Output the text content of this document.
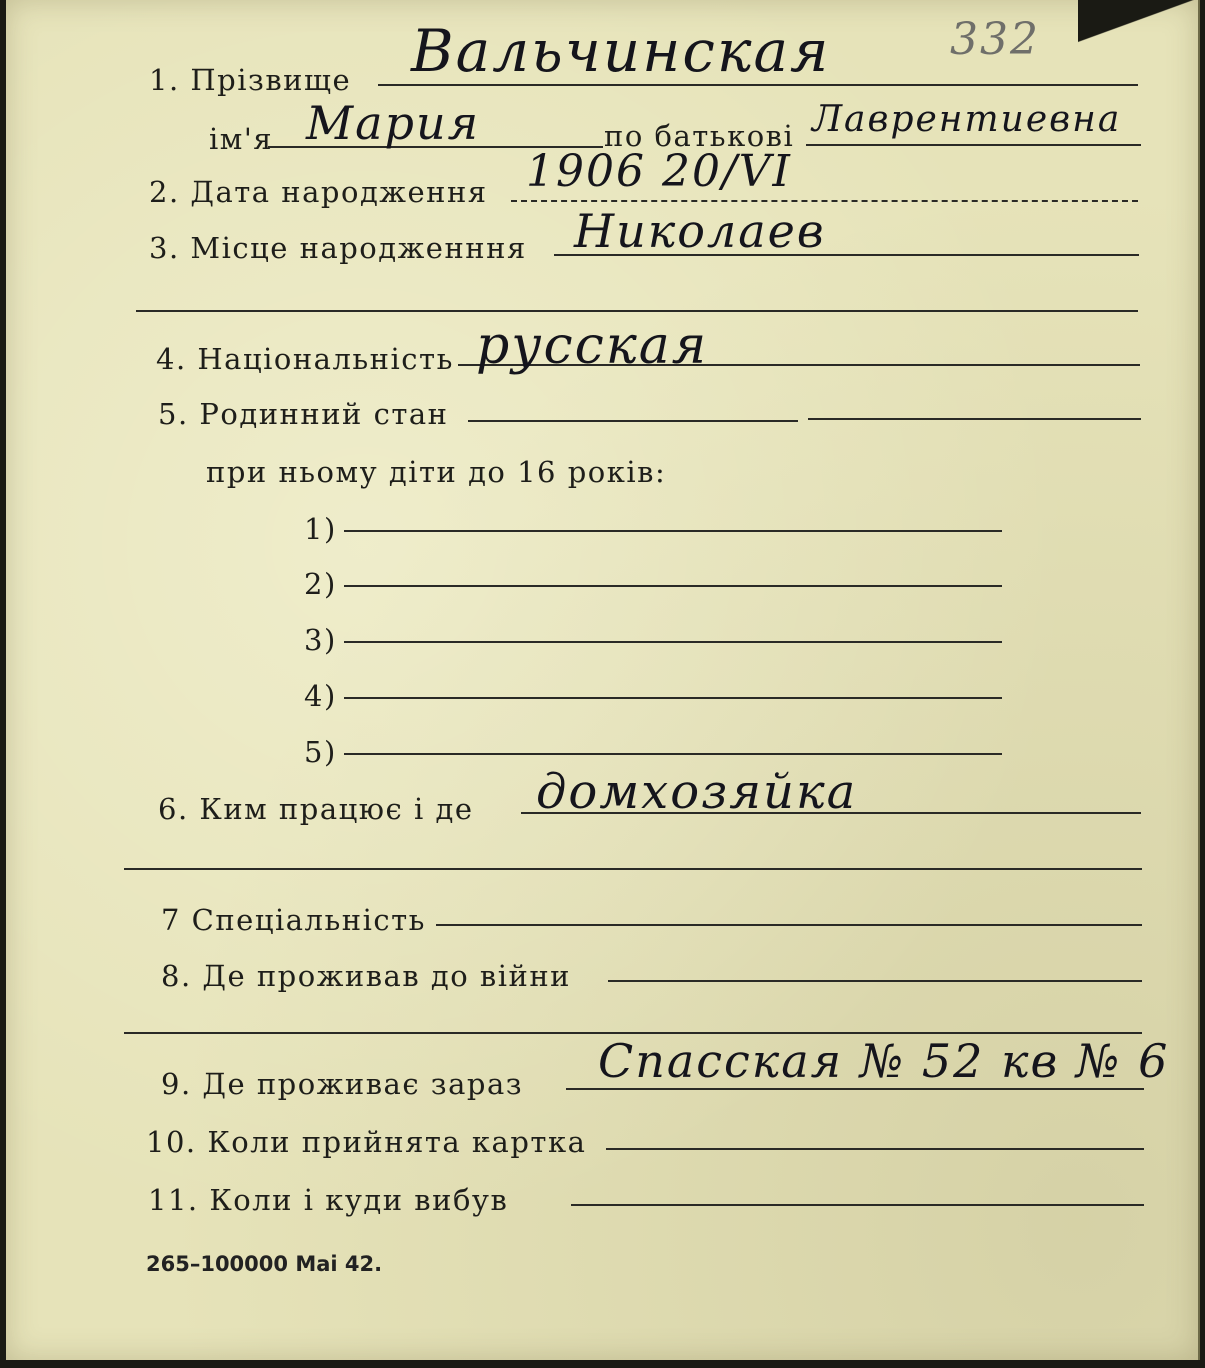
332
1. Прізвище Вальчинская
ім'я Мария	по батькові Лаврентиевна
2. Дата народження 1906 20/VI
3. Місце народженння Николаев
4. Національність русская
5. Родинний стан
при ньому діти до 16 років:
1)
2)
3)
4)
5)
6. Ким працює і де домхозяйка
7 Спеціальність
8. Де проживав до війни
9. Де проживає зараз Спасская № 52 кв № 6
10. Коли прийнята картка
11. Коли і куди вибув
265–100000 Mai 42.
